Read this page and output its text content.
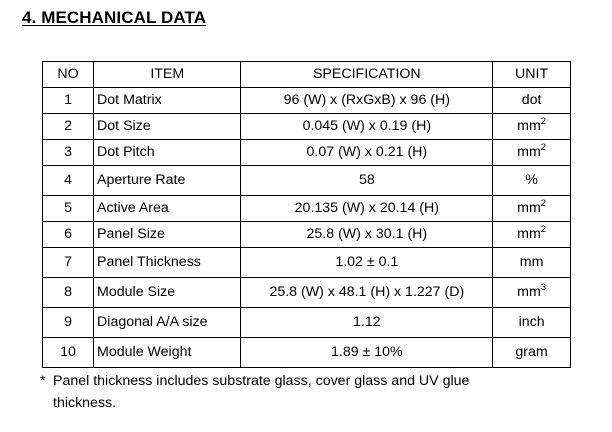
4. MECHANICAL DATA
NO	ITEM	SPECIFICATION	UNIT
1	Dot Matrix	96 (W) x (RxGxB) x 96 (H)	dot
2	Dot Size	0.045 (W) x 0.19 (H)	$mm^2$
3	Dot Pitch	0.07 (W) x 0.21 (H)	$mm^2$
4	Aperture Rate	58	%
5	Active Area	20.135 (W) x 20.14 (H)	$mm^2$
6	Panel Size	25.8 (W) x 30.1 (H)	$mm^2$
7	Panel Thickness	1.02 ± 0.1	mm
8	Module Size	25.8 (W) x 48.1 (H) x 1.227 (D)	$mm^3$
9	Diagonal A/A size	1.12	inch
10	Module Weight	1.89 ± 10%	gram
* Panel thickness includes substrate glass, cover glass and UV glue
thickness.
